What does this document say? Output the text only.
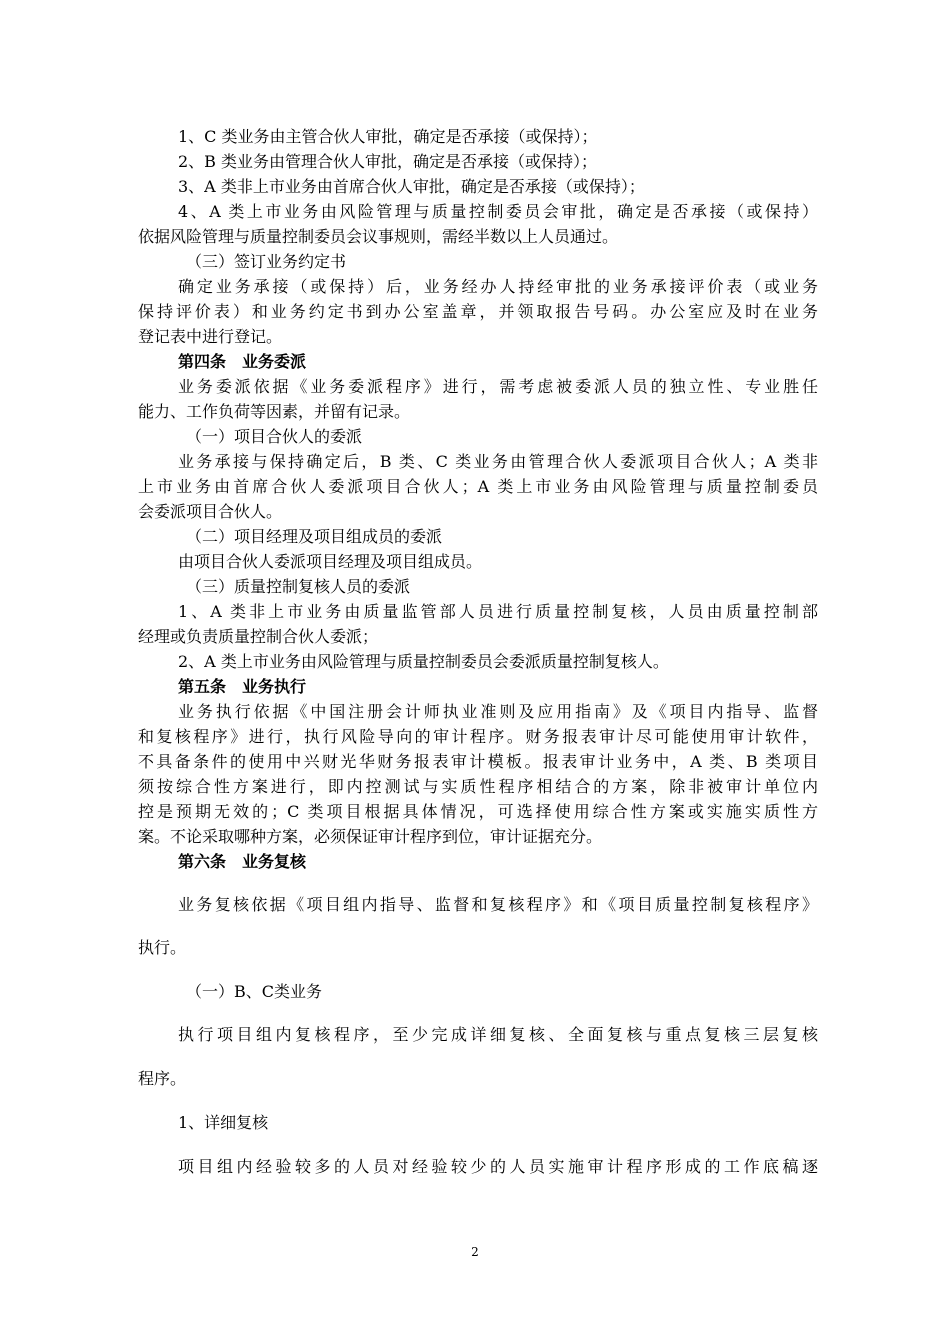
1、C 类业务由主管合伙人审批，确定是否承接（或保持）；
2、B 类业务由管理合伙人审批，确定是否承接（或保持）；
3、A 类非上市业务由首席合伙人审批，确定是否承接（或保持）；
4、A 类上市业务由风险管理与质量控制委员会审批，确定是否承接（或保持）
依据风险管理与质量控制委员会议事规则，需经半数以上人员通过。
（三）签订业务约定书
确定业务承接（或保持）后，业务经办人持经审批的业务承接评价表（或业务
保持评价表）和业务约定书到办公室盖章，并领取报告号码。办公室应及时在业务
登记表中进行登记。
第四条　业务委派
业务委派依据《业务委派程序》进行，需考虑被委派人员的独立性、专业胜任
能力、工作负荷等因素，并留有记录。
（一）项目合伙人的委派
业务承接与保持确定后，B 类、C 类业务由管理合伙人委派项目合伙人；A 类非
上市业务由首席合伙人委派项目合伙人；A 类上市业务由风险管理与质量控制委员
会委派项目合伙人。
（二）项目经理及项目组成员的委派
由项目合伙人委派项目经理及项目组成员。
（三）质量控制复核人员的委派
1、A 类非上市业务由质量监管部人员进行质量控制复核，人员由质量控制部
经理或负责质量控制合伙人委派；
2、A 类上市业务由风险管理与质量控制委员会委派质量控制复核人。
第五条　业务执行
业务执行依据《中国注册会计师执业准则及应用指南》及《项目内指导、监督
和复核程序》进行，执行风险导向的审计程序。财务报表审计尽可能使用审计软件，
不具备条件的使用中兴财光华财务报表审计模板。报表审计业务中，A 类、B 类项目
须按综合性方案进行，即内控测试与实质性程序相结合的方案，除非被审计单位内
控是预期无效的；C 类项目根据具体情况，可选择使用综合性方案或实施实质性方
案。不论采取哪种方案，必须保证审计程序到位，审计证据充分。
第六条　业务复核
业务复核依据《项目组内指导、监督和复核程序》和《项目质量控制复核程序》
执行。
（一）B、C类业务
执行项目组内复核程序，至少完成详细复核、全面复核与重点复核三层复核
程序。
1、详细复核
项目组内经验较多的人员对经验较少的人员实施审计程序形成的工作底稿逐
2
